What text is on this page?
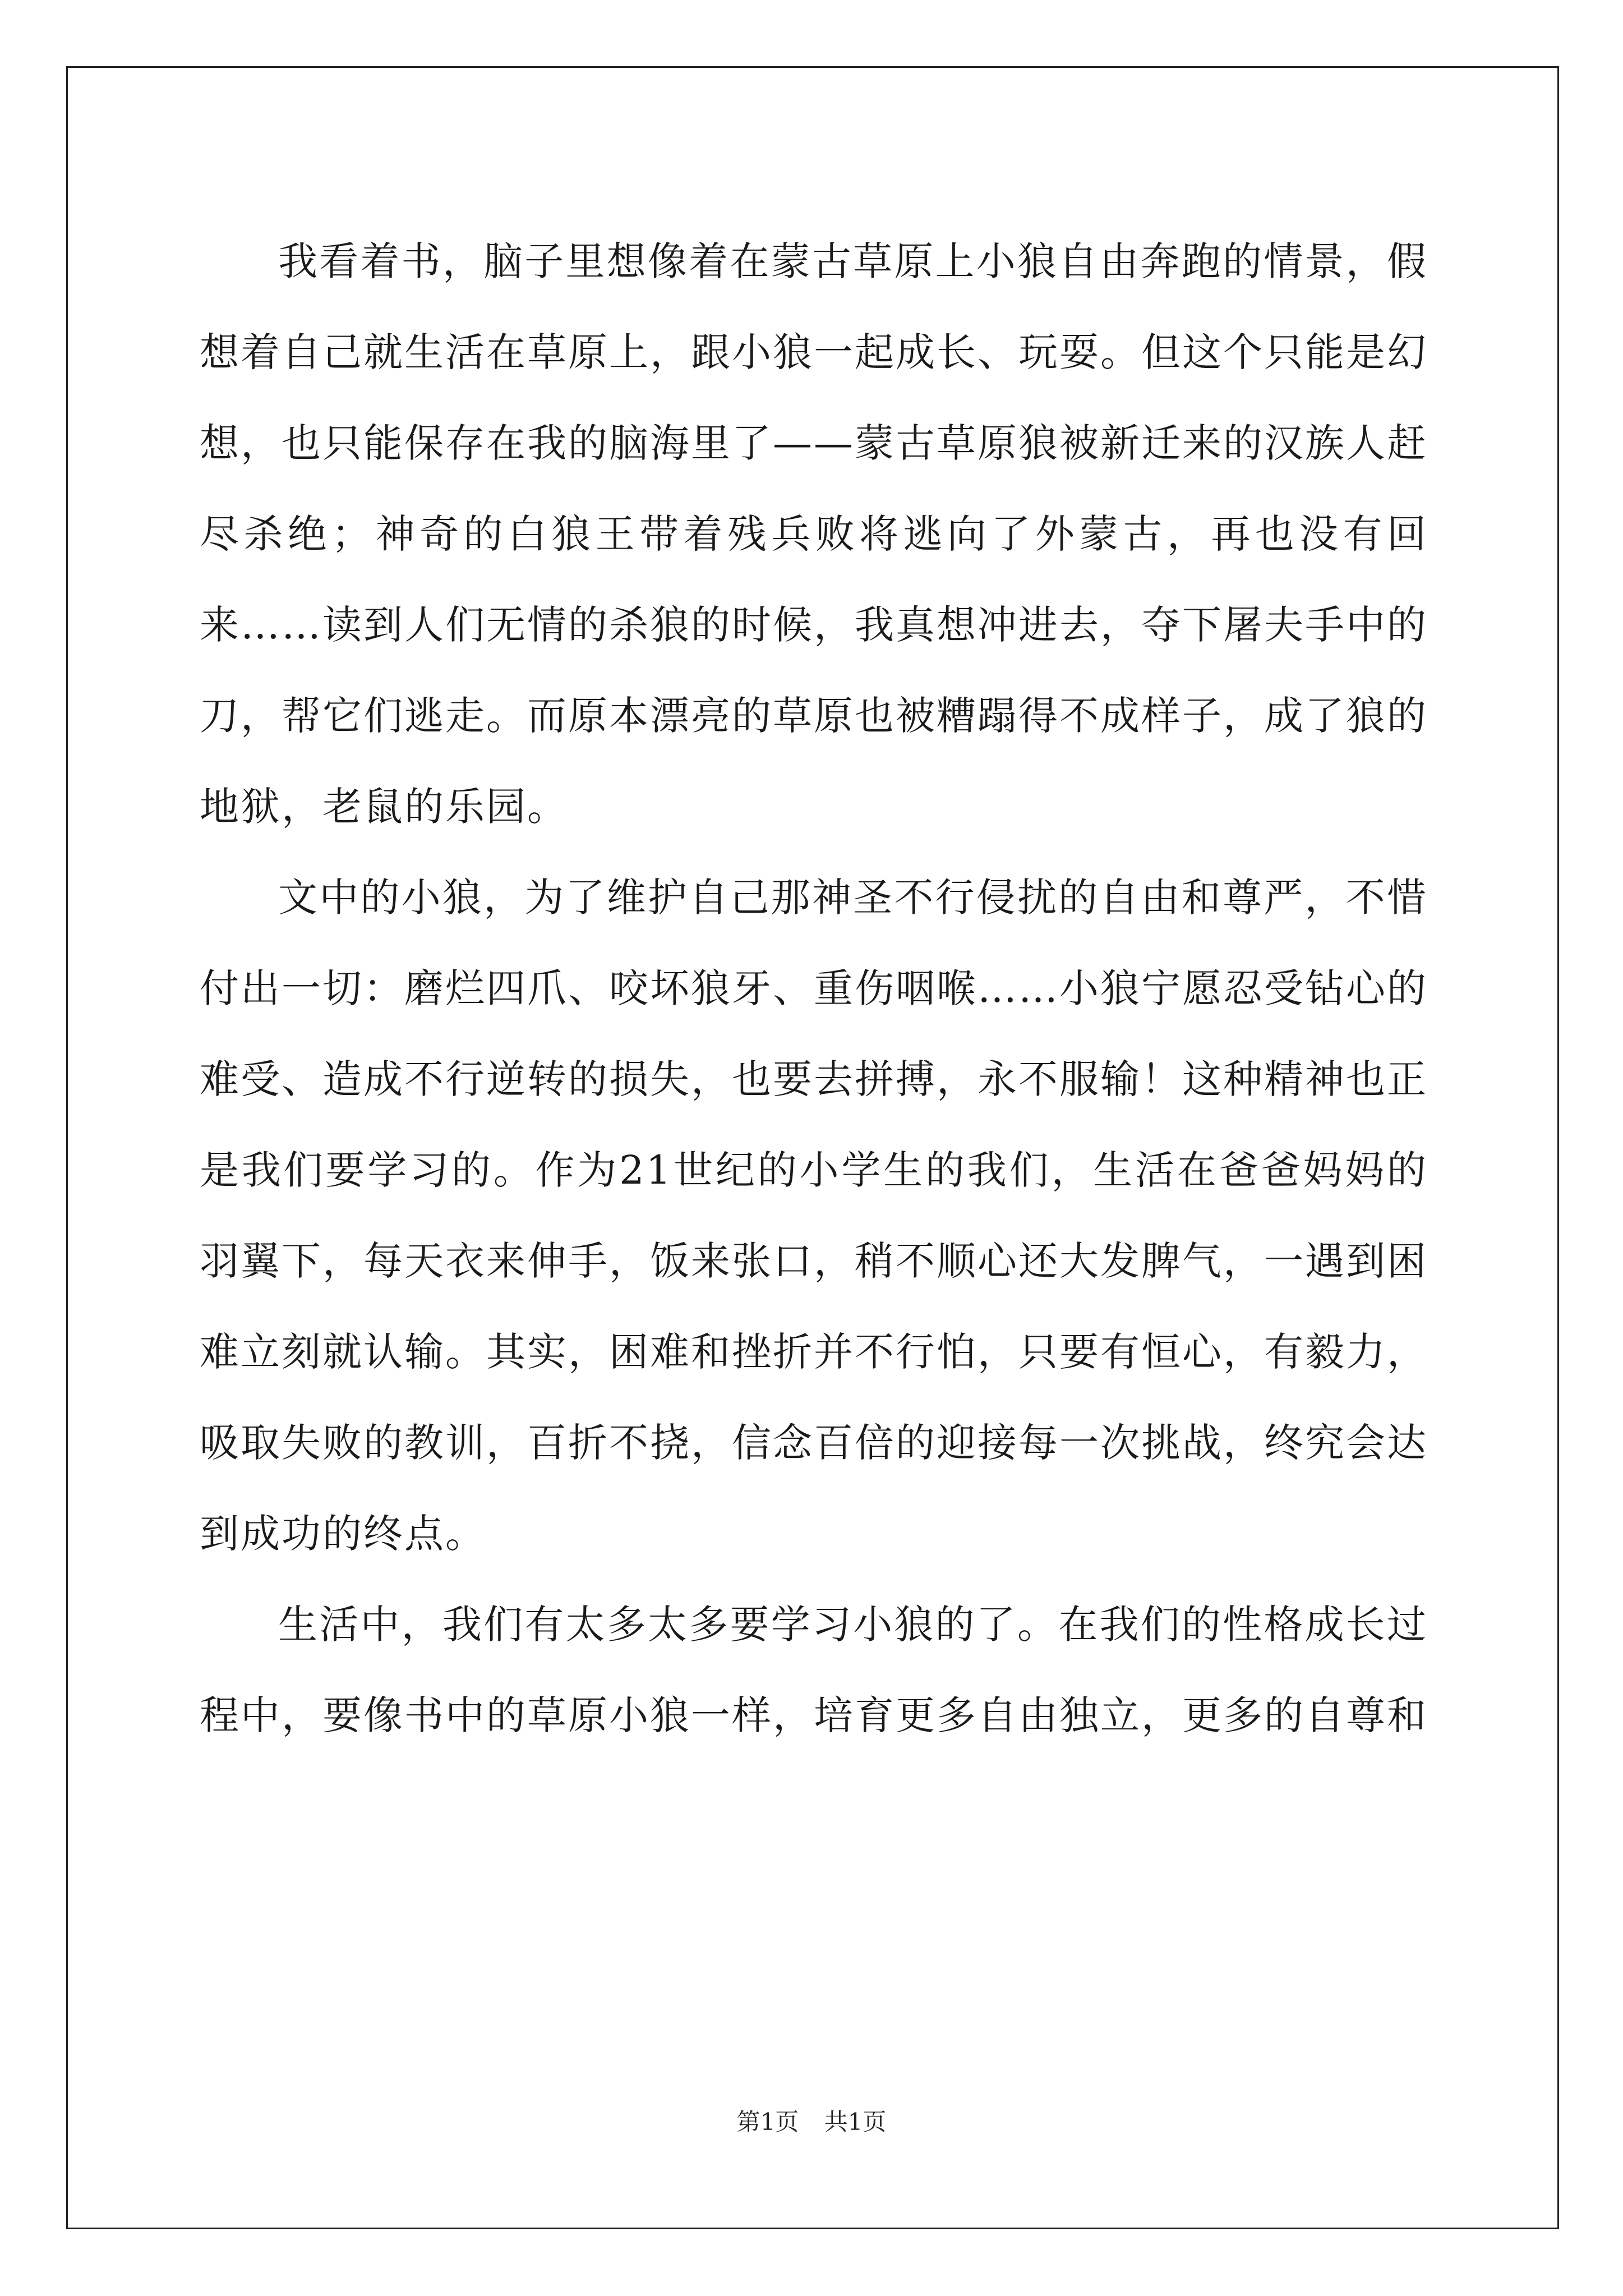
我看着书，脑子里想像着在蒙古草原上小狼自由奔跑的情景，假想着自己就生活在草原上，跟小狼一起成长、玩耍。但这个只能是幻想，也只能保存在我的脑海里了——蒙古草原狼被新迁来的汉族人赶尽杀绝；神奇的白狼王带着残兵败将逃向了外蒙古，再也没有回来……读到人们无情的杀狼的时候，我真想冲进去，夺下屠夫手中的刀，帮它们逃走。而原本漂亮的草原也被糟蹋得不成样子，成了狼的地狱，老鼠的乐园。

文中的小狼，为了维护自己那神圣不行侵扰的自由和尊严，不惜付出一切：磨烂四爪、咬坏狼牙、重伤咽喉……小狼宁愿忍受钻心的难受、造成不行逆转的损失，也要去拼搏，永不服输！这种精神也正是我们要学习的。作为21世纪的小学生的我们，生活在爸爸妈妈的羽翼下，每天衣来伸手，饭来张口，稍不顺心还大发脾气，一遇到困难立刻就认输。其实，困难和挫折并不行怕，只要有恒心，有毅力，吸取失败的教训，百折不挠，信念百倍的迎接每一次挑战，终究会达到成功的终点。

生活中，我们有太多太多要学习小狼的了。在我们的性格成长过程中，要像书中的草原小狼一样，培育更多自由独立，更多的自尊和

第1页 共1页
